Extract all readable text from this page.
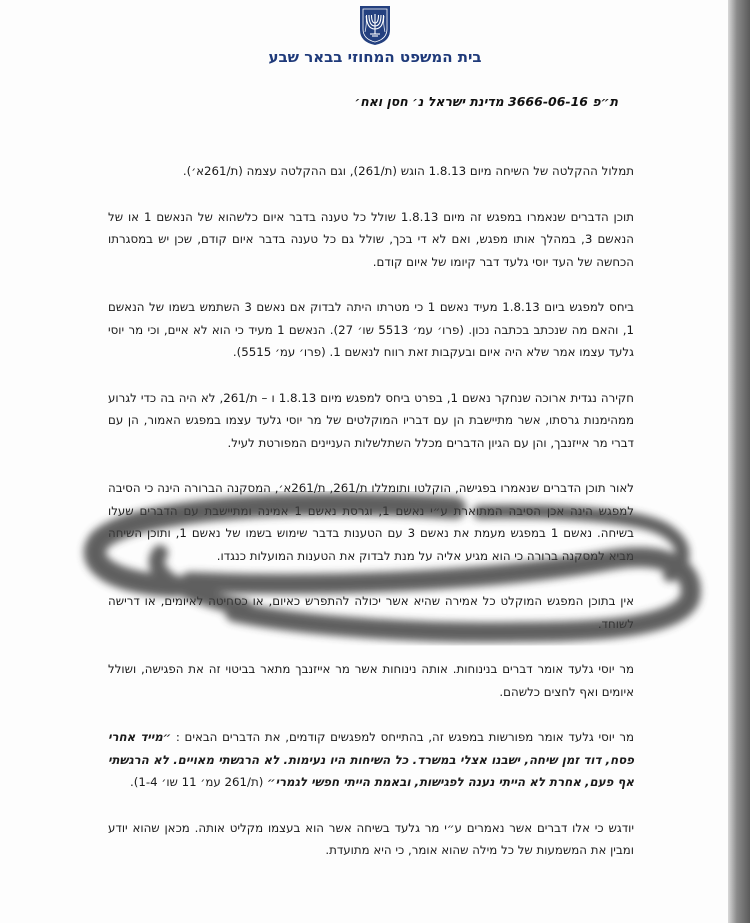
בית המשפט המחוזי בבאר שבע
ת״פ 3666-06-16 מדינת ישראל נ׳ חסן ואח׳

תמלול ההקלטה של השיחה מיום 1.8.13 הוגש (ת/261), וגם ההקלטה עצמה (ת/261א׳).

תוכן הדברים שנאמרו במפגש זה מיום 1.8.13 שולל כל טענה בדבר איום כלשהוא של הנאשם 1 או של הנאשם 3, במהלך אותו מפגש, ואם לא די בכך, שולל גם כל טענה בדבר איום קודם, שכן יש במסגרתו הכחשה של העד יוסי גלעד דבר קיומו של איום קודם.

ביחס למפגש ביום 1.8.13 מעיד נאשם 1 כי מטרתו היתה לבדוק אם נאשם 3 השתמש בשמו של הנאשם 1, והאם מה שנכתב בכתבה נכון. (פרו׳ עמ׳ 5513 שו׳ 27). הנאשם 1 מעיד כי הוא לא איים, וכי מר יוסי גלעד עצמו אמר שלא היה איום ובעקבות זאת רווח לנאשם 1. (פרו׳ עמ׳ 5515).

חקירה נגדית ארוכה שנחקר נאשם 1, בפרט ביחס למפגש מיום 1.8.13 ו – ת/261, לא היה בה כדי לגרוע ממהימנות גרסתו, אשר מתיישבת הן עם דבריו המוקלטים של מר יוסי גלעד עצמו במפגש האמור, הן עם דברי מר אייזנבך, והן עם הגיון הדברים מכלל השתלשלות העניינים המפורטת לעיל.

לאור תוכן הדברים שנאמרו בפגישה, הוקלטו ותומללו ת/261, ת/261א׳, המסקנה הברורה הינה כי הסיבה למפגש הינה אכן הסיבה המתוארת ע״י נאשם 1, וגרסת נאשם 1 אמינה ומתיישבת עם הדברים שעלו בשיחה. נאשם 1 במפגש מעמת את נאשם 3 עם הטענות בדבר שימוש בשמו של נאשם 1, ותוכן השיחה מביא למסקנה ברורה כי הוא מגיע אליה על מנת לבדוק את הטענות המועלות כנגדו.

אין בתוכן המפגש המוקלט כל אמירה שהיא אשר יכולה להתפרש כאיום, או כסחיטה לאיומים, או דרישה לשוחד.

מר יוסי גלעד אומר דברים בנינוחות. אותה נינוחות אשר מר אייזנבך מתאר בביטוי זה את הפגישה, ושולל איומים ואף לחצים כלשהם.

מר יוסי גלעד אומר מפורשות במפגש זה, בהתייחס למפגשים קודמים, את הדברים הבאים : ״מייד אחרי פסח, דוד זמן שיחה, ישבנו אצלי במשרד. כל השיחות היו נעימות. לא הרגשתי מאויים. לא הרגשתי אף פעם, אחרת לא הייתי נענה לפגישות, ובאמת הייתי חפשי לגמרי״ (ת/261 עמ׳ 11 שו׳ 1-4).

יודגש כי אלו דברים אשר נאמרים ע״י מר גלעד בשיחה אשר הוא בעצמו מקליט אותה. מכאן שהוא יודע ומבין את המשמעות של כל מילה שהוא אומר, כי היא מתועדת.
